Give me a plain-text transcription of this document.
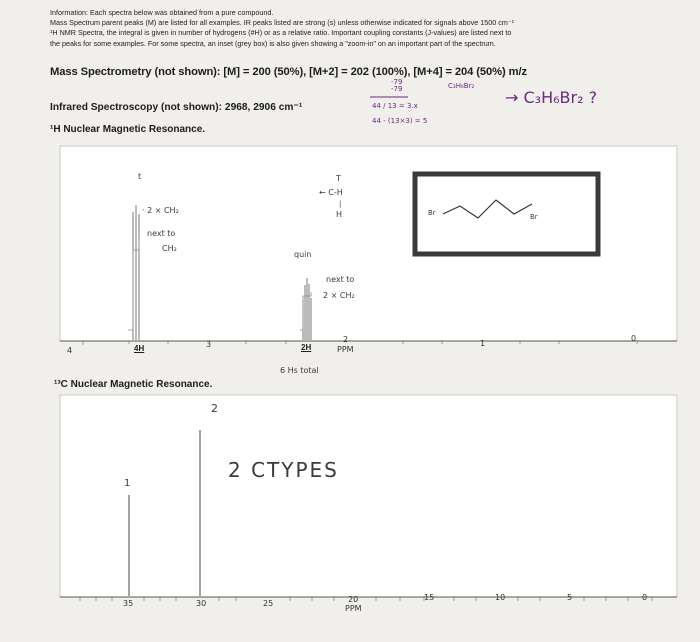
Information: Each spectra below was obtained from a pure compound.

Mass Spectrum parent peaks (M) are listed for all examples. IR peaks listed are strong (s) unless otherwise indicated for signals above 1500 cm⁻¹

¹H NMR Spectra, the integral is given in number of hydrogens (#H) or as a relative ratio. Important coupling constants (J-values) are listed next to

the peaks for some examples. For some spectra, an inset (grey box) is also given showing a "zoom-in" on an important part of the spectrum.

Mass Spectrometry (not shown): [M] = 200 (50%), [M+2] = 202 (100%), [M+4] = 204 (50%) m/z
Infrared Spectroscopy (not shown): 2968, 2906 cm⁻¹
¹H Nuclear Magnetic Resonance.
¹³C Nuclear Magnetic Resonance.
-79
-79	C₃H₆Br₂
44 / 13 = 3.x
44 - (13×3) = 5
→ C₃H₆Br₂ ?
4
3
2	1
0
PPM
4H	2H
t
· 2 × CH₂
next to
CH₂
quin
next to
2 × CH₂
6 Hs total
T
← C-H
|
H	Br	Br
35	30	25	20	15	10	5	0
PPM
1
2
2 CTYPES
